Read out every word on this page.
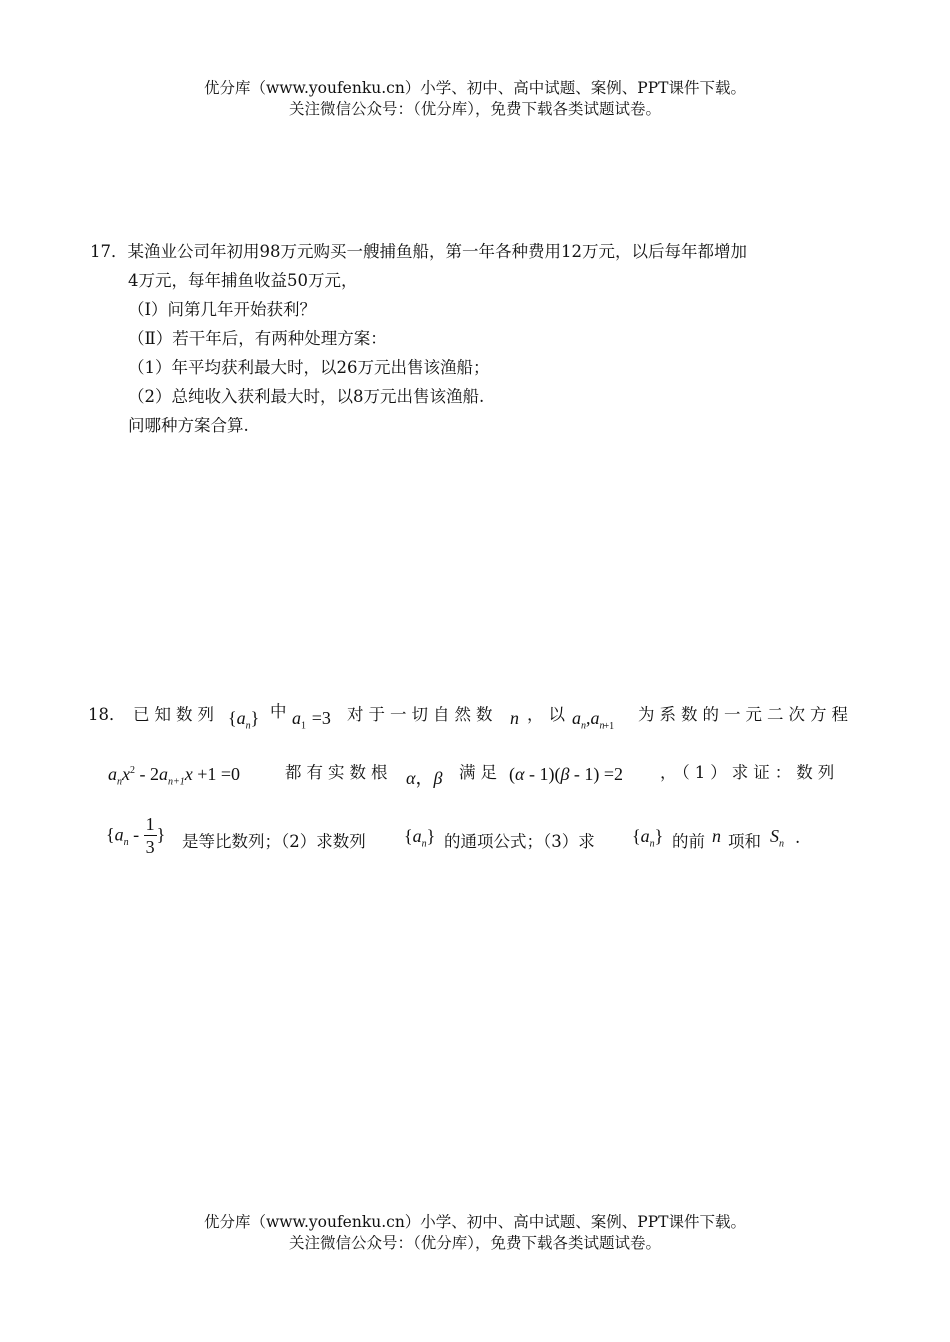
优分库（www.youfenku.cn）小学、初中、高中试题、案例、PPT课件下载。
关注微信公众号：（优分库），免费下载各类试题试卷。
17．某渔业公司年初用98万元购买一艘捕鱼船，第一年各种费用12万元，以后每年都增加
4万元，每年捕鱼收益50万元，
（Ⅰ）问第几年开始获利？
（Ⅱ）若干年后，有两种处理方案：
（1）年平均获利最大时，以26万元出售该渔船；
（2）总纯收入获利最大时，以8万元出售该渔船.
问哪种方案合算.
18． 已知数列 $\{a_n\}$ 中 $a_1 =3$ 对于一切自然数 n ，以 $a_n,a_{n+1}$
为系数的一元二次方程
$a_nx^2 - 2a_{n+1}x +1 =0$	都有实数根 α，β 满足 (α - 1)(β - 1) =2 ，（1）求证：数列
{$a_n - \frac{1}{3}$ } 是等比数列；（2）求数列 $\{a_n\}$ 的通项公式；（3）求 $\{a_n\}$ 的前 n 项和 $S_n$ .
优分库（www.youfenku.cn）小学、初中、高中试题、案例、PPT课件下载。
关注微信公众号：（优分库），免费下载各类试题试卷。
